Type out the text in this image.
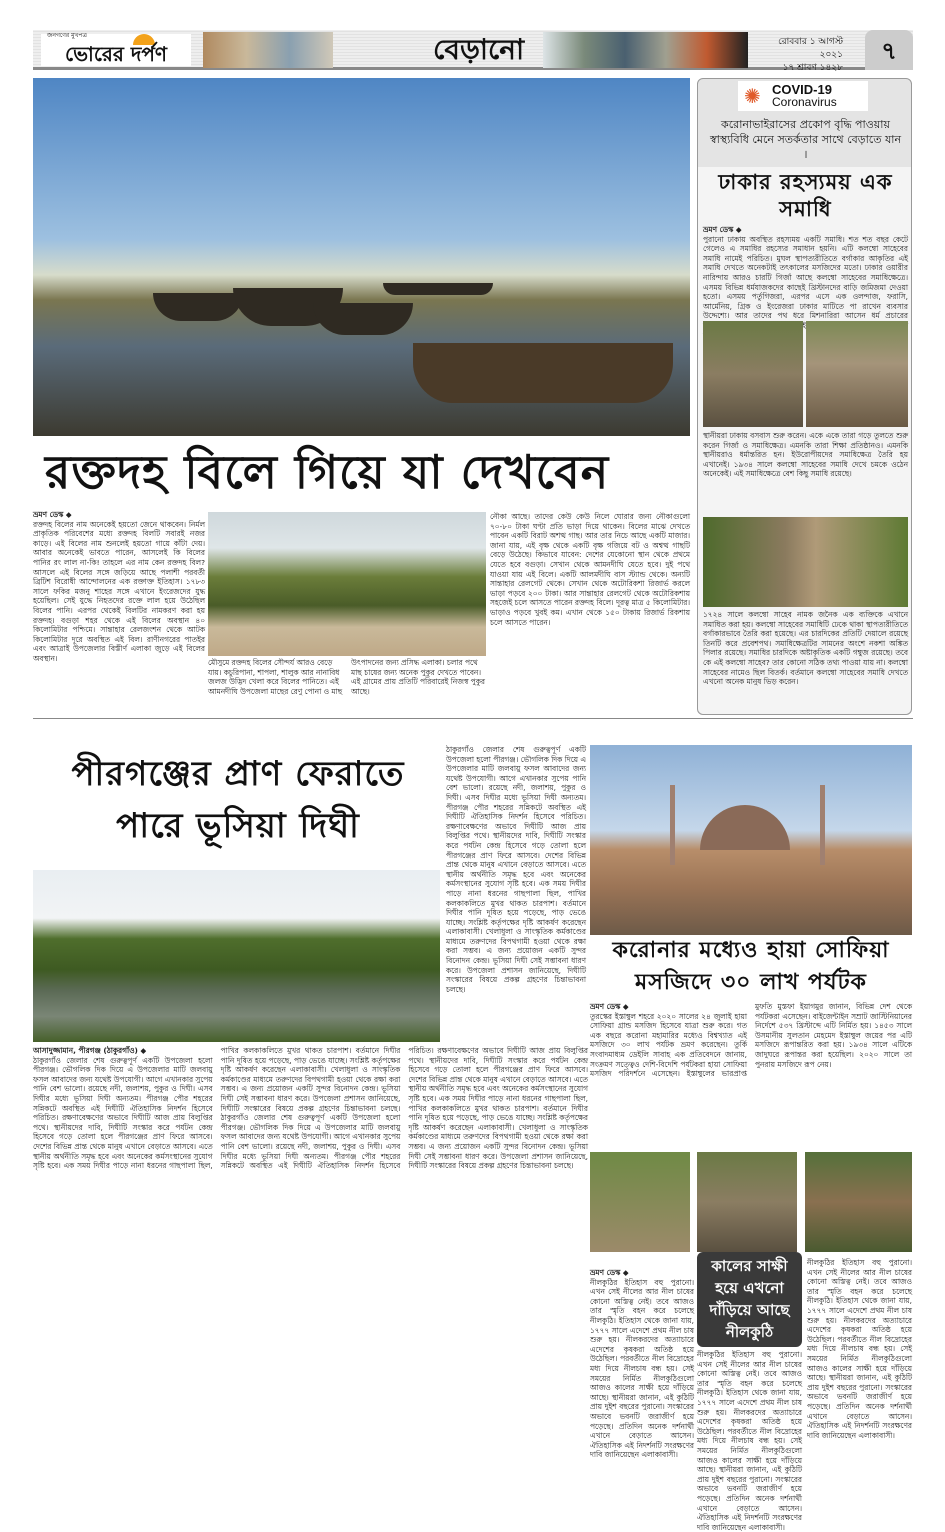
জনগণের মুখপত্র
ভোরের দর্পণ	বেড়ানো	রোববার ১ আগস্ট ২০২১
১৭ শ্রাবণ ১৪২৮
৭
রক্তদহ বিলে গিয়ে যা দেখবেন
ভ্রমণ ডেস্ক ◆
রক্তদহ বিলের নাম অনেকেই হয়তো জেনে থাকবেন। নির্মল প্রাকৃতিক পরিবেশের মধ্যে রক্তদহ বিলটি সবারই নজর কাড়ে। এই বিলের নাম শুনলেই হয়তো গায়ে কাঁটা দেয়। আবার অনেকেই ভাবতে পারেন, আসলেই কি বিলের পানির রং লাল না-কি! তাহলে এর নাম কেন রক্তদহ বিল? আসলে এই বিলের সঙ্গে জড়িয়ে আছে পলাশী পরবর্তী ব্রিটিশ বিরোধী আন্দোলনের এক রক্তাক্ত ইতিহাস। ১৭৮৩ সালে ফকির মজনু শাহের সঙ্গে এখানে ইংরেজদের যুদ্ধ হয়েছিল। সেই যুদ্ধে নিহতদের রক্তে লাল হয়ে উঠেছিল বিলের পানি। এরপর থেকেই বিলটির নামকরণ করা হয় রক্তদহ। বগুড়া শহর থেকে এই বিলের অবস্থান ৪০ কিলোমিটার পশ্চিমে। সান্তাহার রেলজংশন থেকে আটক কিলোমিটার দূরে অবস্থিত এই বিল। রাণীনগরের পাতইর এবং আত্রাই উপজেলার বিস্তীর্ণ এলাকা জুড়ে এই বিলের অবস্থান।	মৌসুমে রক্তদহ বিলের সৌন্দর্য আরও বেড়ে যায়। কচুরিপানা, শাপলা, শালুক আর নানাবিধ জলজ উদ্ভিদ খেলা করে বিলের পানিতে। এই আমনদীঘি উপজেলা মাছের রেণু পোনা ও মাছ উৎপাদনের জন্য প্রসিদ্ধ এলাকা। চলার পথে মাছ চাষের জন্য অনেক পুকুর দেখতে পাবেন। এই গ্রামের প্রায় প্রতিটি পরিবারেই নিজস্ব পুকুর আছে।
নৌকা আছে। তাদের কেউ কেউ নিলে ঘোরার জন্য নৌকাগুলো ৭০-৮০ টাকা ঘণ্টা প্রতি ভাড়া দিয়ে থাকেন। বিলের মাঝে দেখতে পাবেন একটি বিরাট অশত্থ গাছ। আর তার নিচে আছে একটি মাজার। জানা যায়, এই বৃক্ষ থেকে একটি বৃক্ষ গজিয়ে বট ও অশ্বত্থ গাছটি বেড়ে উঠেছে। কিভাবে যাবেন: দেশের যেকোনো স্থান থেকে প্রথমে যেতে হবে বগুড়া। সেখান থেকে আমনদীঘি যেতে হবে। দুই পথে যাওয়া যায় এই বিলে। একটি আলমদীঘি বাস স্ট্যান্ড থেকে। অন্যটি সান্তাহার রেলগেট থেকে। সেখান থেকে অটোরিকশা রিজার্ভ করলে ভাড়া পড়বে ২০০ টাকা। আর সান্তাহার রেলগেট থেকে অটোরিকশায় সহজেই চলে আসতে পারেন রক্তদহ বিলে। দূরত্ব মাত্র ৫ কিলোমিটার। ভাড়াও পড়বে খুবই কম। এখান থেকে ১৫০ টাকায় রিজার্ভ রিকশায় চলে আসতে পারেন।
✺ COVID-19
Coronavirus
করোনাভাইরাসের প্রকোপ বৃদ্ধি পাওয়ায় স্বাস্থ্যবিধি মেনে সতর্কতার সাথে বেড়াতে যান ।
ঢাকার রহস্যময় এক সমাধি
ভ্রমণ ডেস্ক ◆
পুরানো ঢাকায় অবস্থিত রহস্যময় একটি সমাধি। শত শত বছর কেটে গেলেও এ সমাধির রহস্যের সমাধান হয়নি। এটি কলম্বো সাহেবের সমাধি নামেই পরিচিত। মুঘল স্থাপত্যরীতিতে বর্গাকার আকৃতির এই সমাধি দেখতে অনেকটাই তৎকালের মসজিদের মতো। ঢাকার ওয়ারীর নারিন্দায় আরও চারটি গির্জা আছে কলম্বো সাহেবের সমাধিক্ষেত্রে। এসময় বিভিন্ন ধর্মযাজকদের কাছেই খ্রিস্টানদের বাড়ি জমিজমা দেওয়া হতো। এসময় পর্তুগিজরা, এরপর এসে এক ওলন্দাজ, ফরাসি, আর্মেনিয়, গ্রিক ও ইংরেজরা ঢাকার মাটিতে পা রাখেন ব্যবসার উদ্দেশ্যে। আর তাদের পথ ধরে মিশনারিরা আসেন ধর্ম প্রচারের
স্থানীয়রা ঢাকায় বসবাস শুরু করেন। একে একে তারা গড়ে তুলতে শুরু করেন গির্জা ও সমাধিক্ষেত্র। এমনকি তারা শিক্ষা প্রতিষ্ঠানও। এমনকি স্থানীয়রাও ধর্মান্তরিত হন। ইউরোপীয়দের সমাধিক্ষেত্র তৈরি হয় এখানেই। ১৯৩৪ সালে কলম্বো সাহেবের সমাধি দেখে চমকে ওঠেন অনেকেই। এই সমাধিক্ষেত্রে বেশ কিছু সমাধি রয়েছে।
১৭২৪ সালে কলম্বো সাহেব নামক জনৈক এক ব্যক্তিকে এখানে সমাধিত করা হয়। কলম্বো সাহেবের সমাধিটি ঢেকে থাকা স্থাপত্যরীতিতে বর্গাকারভাবে তৈরি করা হয়েছে। এর চারদিকের প্রতিটি দেয়ালে রয়েছে তিনটি করে প্রবেশপথ। সমাধিক্ষেত্রটির সামনের অংশে নকশা অঙ্কিত পিলার রয়েছে। সমাধির চারদিকে অষ্টাকৃতিক একটি গম্বুজ রয়েছে। তবে কে এই কলম্বো সাহেব? তার কোনো সঠিক তথ্য পাওয়া যায় না। কলম্বো সাহেবের নামেও ছিল বিতর্ক। বর্তমানে কলম্বো সাহেবের সমাধি দেখতে এখনো অনেক মানুষ ভিড় করেন।
পীরগঞ্জের প্রাণ ফেরাতে
পারে ভূসিয়া দিঘী
আসাদুজ্জামান, পীরগঞ্জ (ঠাকুরগাঁও) ◆
ঠাকুরগাঁও জেলার শেষ গুরুত্বপূর্ণ একটি উপজেলা হলো পীরগঞ্জ। ভৌগলিক দিক দিয়ে এ উপজেলার মাটি জলবায়ু ফসল আবাদের জন্য যথেষ্ট উপযোগী। আগে এখানকার সুপেয় পানি বেশ ভালো। রয়েছে নদী, জলাশয়, পুকুর ও দিঘী। এসব দিঘীর মধ্যে ভূসিয়া দিঘী অন্যতম। পীরগঞ্জ পৌর শহরের সন্নিকটে অবস্থিত এই দিঘীটি ঐতিহাসিক নিদর্শন হিসেবে পরিচিত। রক্ষণাবেক্ষণের অভাবে দিঘীটি আজ প্রায় বিলুপ্তির পথে। স্থানীয়দের দাবি, দিঘীটি সংস্কার করে পর্যটন কেন্দ্র হিসেবে গড়ে তোলা হলে পীরগঞ্জের প্রাণ ফিরে আসবে। দেশের বিভিন্ন প্রান্ত থেকে মানুষ এখানে বেড়াতে আসবে। এতে স্থানীয় অর্থনীতি সমৃদ্ধ হবে এবং অনেকের কর্মসংস্থানের সুযোগ সৃষ্টি হবে। এক সময় দিঘীর পাড়ে নানা ধরনের গাছপালা ছিল, পাখির কলকাকলিতে মুখর থাকত চারপাশ। বর্তমানে দিঘীর পানি দূষিত হয়ে পড়েছে, পাড় ভেঙে যাচ্ছে। সংশ্লিষ্ট কর্তৃপক্ষের দৃষ্টি আকর্ষণ করেছেন এলাকাবাসী। খেলাধুলা ও সাংস্কৃতিক কর্মকাণ্ডের মাধ্যমে তরুণদের বিপথগামী হওয়া থেকে রক্ষা করা সম্ভব। এ জন্য প্রয়োজন একটি সুন্দর বিনোদন কেন্দ্র। ভূসিয়া দিঘী সেই সম্ভাবনা ধারণ করে। উপজেলা প্রশাসন জানিয়েছে, দিঘীটি সংস্কারের বিষয়ে প্রকল্প গ্রহণের চিন্তাভাবনা চলছে। ঠাকুরগাঁও জেলার শেষ গুরুত্বপূর্ণ একটি উপজেলা হলো পীরগঞ্জ। ভৌগলিক দিক দিয়ে এ উপজেলার মাটি জলবায়ু ফসল আবাদের জন্য যথেষ্ট উপযোগী। আগে এখানকার সুপেয় পানি বেশ ভালো। রয়েছে নদী, জলাশয়, পুকুর ও দিঘী। এসব দিঘীর মধ্যে ভূসিয়া দিঘী অন্যতম। পীরগঞ্জ পৌর শহরের সন্নিকটে অবস্থিত এই দিঘীটি ঐতিহাসিক নিদর্শন হিসেবে পরিচিত। রক্ষণাবেক্ষণের অভাবে দিঘীটি আজ প্রায় বিলুপ্তির পথে। স্থানীয়দের দাবি, দিঘীটি সংস্কার করে পর্যটন কেন্দ্র হিসেবে গড়ে তোলা হলে পীরগঞ্জের প্রাণ ফিরে আসবে। দেশের বিভিন্ন প্রান্ত থেকে মানুষ এখানে বেড়াতে আসবে। এতে স্থানীয় অর্থনীতি সমৃদ্ধ হবে এবং অনেকের কর্মসংস্থানের সুযোগ সৃষ্টি হবে। এক সময় দিঘীর পাড়ে নানা ধরনের গাছপালা ছিল, পাখির কলকাকলিতে মুখর থাকত চারপাশ। বর্তমানে দিঘীর পানি দূষিত হয়ে পড়েছে, পাড় ভেঙে যাচ্ছে। সংশ্লিষ্ট কর্তৃপক্ষের দৃষ্টি আকর্ষণ করেছেন এলাকাবাসী। খেলাধুলা ও সাংস্কৃতিক কর্মকাণ্ডের মাধ্যমে তরুণদের বিপথগামী হওয়া থেকে রক্ষা করা সম্ভব। এ জন্য প্রয়োজন একটি সুন্দর বিনোদন কেন্দ্র। ভূসিয়া দিঘী সেই সম্ভাবনা ধারণ করে। উপজেলা প্রশাসন জানিয়েছে, দিঘীটি সংস্কারের বিষয়ে প্রকল্প গ্রহণের চিন্তাভাবনা চলছে।
ঠাকুরগাঁও জেলার শেষ গুরুত্বপূর্ণ একটি উপজেলা হলো পীরগঞ্জ। ভৌগলিক দিক দিয়ে এ উপজেলার মাটি জলবায়ু ফসল আবাদের জন্য যথেষ্ট উপযোগী। আগে এখানকার সুপেয় পানি বেশ ভালো। রয়েছে নদী, জলাশয়, পুকুর ও দিঘী। এসব দিঘীর মধ্যে ভূসিয়া দিঘী অন্যতম। পীরগঞ্জ পৌর শহরের সন্নিকটে অবস্থিত এই দিঘীটি ঐতিহাসিক নিদর্শন হিসেবে পরিচিত। রক্ষণাবেক্ষণের অভাবে দিঘীটি আজ প্রায় বিলুপ্তির পথে। স্থানীয়দের দাবি, দিঘীটি সংস্কার করে পর্যটন কেন্দ্র হিসেবে গড়ে তোলা হলে পীরগঞ্জের প্রাণ ফিরে আসবে। দেশের বিভিন্ন প্রান্ত থেকে মানুষ এখানে বেড়াতে আসবে। এতে স্থানীয় অর্থনীতি সমৃদ্ধ হবে এবং অনেকের কর্মসংস্থানের সুযোগ সৃষ্টি হবে। এক সময় দিঘীর পাড়ে নানা ধরনের গাছপালা ছিল, পাখির কলকাকলিতে মুখর থাকত চারপাশ। বর্তমানে দিঘীর পানি দূষিত হয়ে পড়েছে, পাড় ভেঙে যাচ্ছে। সংশ্লিষ্ট কর্তৃপক্ষের দৃষ্টি আকর্ষণ করেছেন এলাকাবাসী। খেলাধুলা ও সাংস্কৃতিক কর্মকাণ্ডের মাধ্যমে তরুণদের বিপথগামী হওয়া থেকে রক্ষা করা সম্ভব। এ জন্য প্রয়োজন একটি সুন্দর বিনোদন কেন্দ্র। ভূসিয়া দিঘী সেই সম্ভাবনা ধারণ করে। উপজেলা প্রশাসন জানিয়েছে, দিঘীটি সংস্কারের বিষয়ে প্রকল্প গ্রহণের চিন্তাভাবনা চলছে।
করোনার মধ্যেও হায়া সোফিয়া
মসজিদে ৩০ লাখ পর্যটক
ভ্রমণ ডেস্ক ◆
তুরস্কের ইস্তাম্বুল শহরে ২০২০ সালের ২৪ জুলাই হায়া সোফিয়া গ্রান্ড মসজিদ হিসেবে যাত্রা শুরু করে। গত এক বছরে করোনা মহামারির মধ্যেও বিশ্বখ্যাত এই মসজিদে ৩০ লাখ পর্যটক ভ্রমণ করেছেন। তুর্কি সংবাদমাধ্যম ডেইলি সাবাহ এক প্রতিবেদনে জানায়, সংক্রমণ সত্ত্বেও দেশি-বিদেশি পর্যটকরা হায়া সোফিয়া মসজিদ পরিদর্শনে এসেছেন। ইস্তাম্বুলের ভারপ্রাপ্ত মুফতি মুস্তফা ইয়াগমুর জানান, বিভিন্ন দেশ থেকে পর্যটকরা এসেছেন। বাইজেন্টাইন সম্রাট জাস্টিনিয়ানের নির্দেশে ৫৩৭ খ্রিস্টাব্দে এটি নির্মিত হয়। ১৪৫৩ সালে উসমানীয় সুলতান মেহমেদ ইস্তাম্বুল জয়ের পর এটি মসজিদে রূপান্তরিত করা হয়। ১৯৩৪ সালে এটিকে জাদুঘরে রূপান্তর করা হয়েছিল। ২০২০ সালে তা পুনরায় মসজিদে রূপ নেয়।
কালের সাক্ষী হয়ে এখনো দাঁড়িয়ে আছে নীলকুঠি
ভ্রমণ ডেস্ক ◆
নীলকুঠির ইতিহাস বহু পুরানো। এখন সেই নীলের আর নীল চাষের কোনো অস্তিত্ব নেই। তবে আজও তার স্মৃতি বহন করে চলেছে নীলকুঠি। ইতিহাস থেকে জানা যায়, ১৭৭৭ সালে এদেশে প্রথম নীল চাষ শুরু হয়। নীলকরদের অত্যাচারে এদেশের কৃষকরা অতিষ্ঠ হয়ে উঠেছিল। পরবর্তীতে নীল বিদ্রোহের মধ্য দিয়ে নীলচাষ বন্ধ হয়। সেই সময়ের নির্মিত নীলকুঠিগুলো আজও কালের সাক্ষী হয়ে দাঁড়িয়ে আছে। স্থানীয়রা জানান, এই কুঠিটি প্রায় দুইশ বছরের পুরানো। সংস্কারের অভাবে ভবনটি জরাজীর্ণ হয়ে পড়েছে। প্রতিদিন অনেক দর্শনার্থী এখানে বেড়াতে আসেন। ঐতিহাসিক এই নিদর্শনটি সংরক্ষণের দাবি জানিয়েছেন এলাকাবাসী।
নীলকুঠির ইতিহাস বহু পুরানো। এখন সেই নীলের আর নীল চাষের কোনো অস্তিত্ব নেই। তবে আজও তার স্মৃতি বহন করে চলেছে নীলকুঠি। ইতিহাস থেকে জানা যায়, ১৭৭৭ সালে এদেশে প্রথম নীল চাষ শুরু হয়। নীলকরদের অত্যাচারে এদেশের কৃষকরা অতিষ্ঠ হয়ে উঠেছিল। পরবর্তীতে নীল বিদ্রোহের মধ্য দিয়ে নীলচাষ বন্ধ হয়। সেই সময়ের নির্মিত নীলকুঠিগুলো আজও কালের সাক্ষী হয়ে দাঁড়িয়ে আছে। স্থানীয়রা জানান, এই কুঠিটি প্রায় দুইশ বছরের পুরানো। সংস্কারের অভাবে ভবনটি জরাজীর্ণ হয়ে পড়েছে। প্রতিদিন অনেক দর্শনার্থী এখানে বেড়াতে আসেন। ঐতিহাসিক এই নিদর্শনটি সংরক্ষণের দাবি জানিয়েছেন এলাকাবাসী।
নীলকুঠির ইতিহাস বহু পুরানো। এখন সেই নীলের আর নীল চাষের কোনো অস্তিত্ব নেই। তবে আজও তার স্মৃতি বহন করে চলেছে নীলকুঠি। ইতিহাস থেকে জানা যায়, ১৭৭৭ সালে এদেশে প্রথম নীল চাষ শুরু হয়। নীলকরদের অত্যাচারে এদেশের কৃষকরা অতিষ্ঠ হয়ে উঠেছিল। পরবর্তীতে নীল বিদ্রোহের মধ্য দিয়ে নীলচাষ বন্ধ হয়। সেই সময়ের নির্মিত নীলকুঠিগুলো আজও কালের সাক্ষী হয়ে দাঁড়িয়ে আছে। স্থানীয়রা জানান, এই কুঠিটি প্রায় দুইশ বছরের পুরানো। সংস্কারের অভাবে ভবনটি জরাজীর্ণ হয়ে পড়েছে। প্রতিদিন অনেক দর্শনার্থী এখানে বেড়াতে আসেন। ঐতিহাসিক এই নিদর্শনটি সংরক্ষণের দাবি জানিয়েছেন এলাকাবাসী।
